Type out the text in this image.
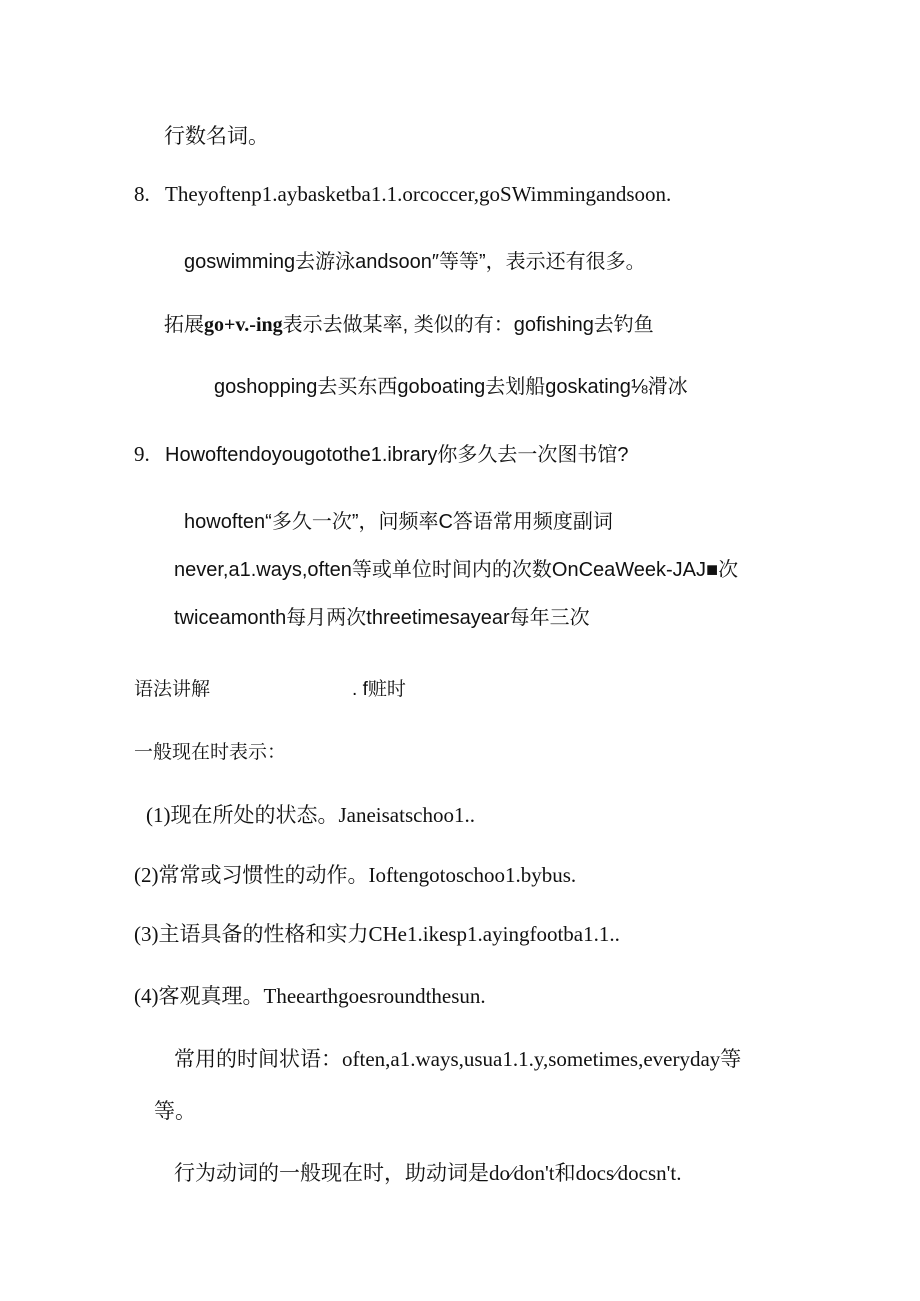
行数名词。
8. Theyoftenp1.aybasketba1.1.orcoccer,goSWimmingandsoon.
goswimming去游泳andsoon″等等”，表示还有很多。
拓展go+v.-ing表示去做某率, 类似的有：gofishing去钓鱼
goshopping去买东西goboating去划船goskating⅛滑冰
9. Howoftendoyougotothe1.ibrary你多久去一次图书馆?
howoften“多久一次”，问频率C答语常用频度副词
never,a1.ways,often等或单位时间内的次数OnCeaWeek-JAJ■次
twiceamonth每月两次threetimesayear每年三次
语法讲解	. f赃时
一般现在时表示：
(1)现在所处的状态。Janeisatschoo1..
(2)常常或习惯性的动作。Ioftengotoschoo1.bybus.
(3)主语具备的性格和实力CHe1.ikesp1.ayingfootba1.1..
(4)客观真理。Theearthgoesroundthesun.
常用的时间状语：often,a1.ways,usua1.1.y,sometimes,everyday等
等。
行为动词的一般现在时，助动词是do∕don't和docs∕docsn't.
